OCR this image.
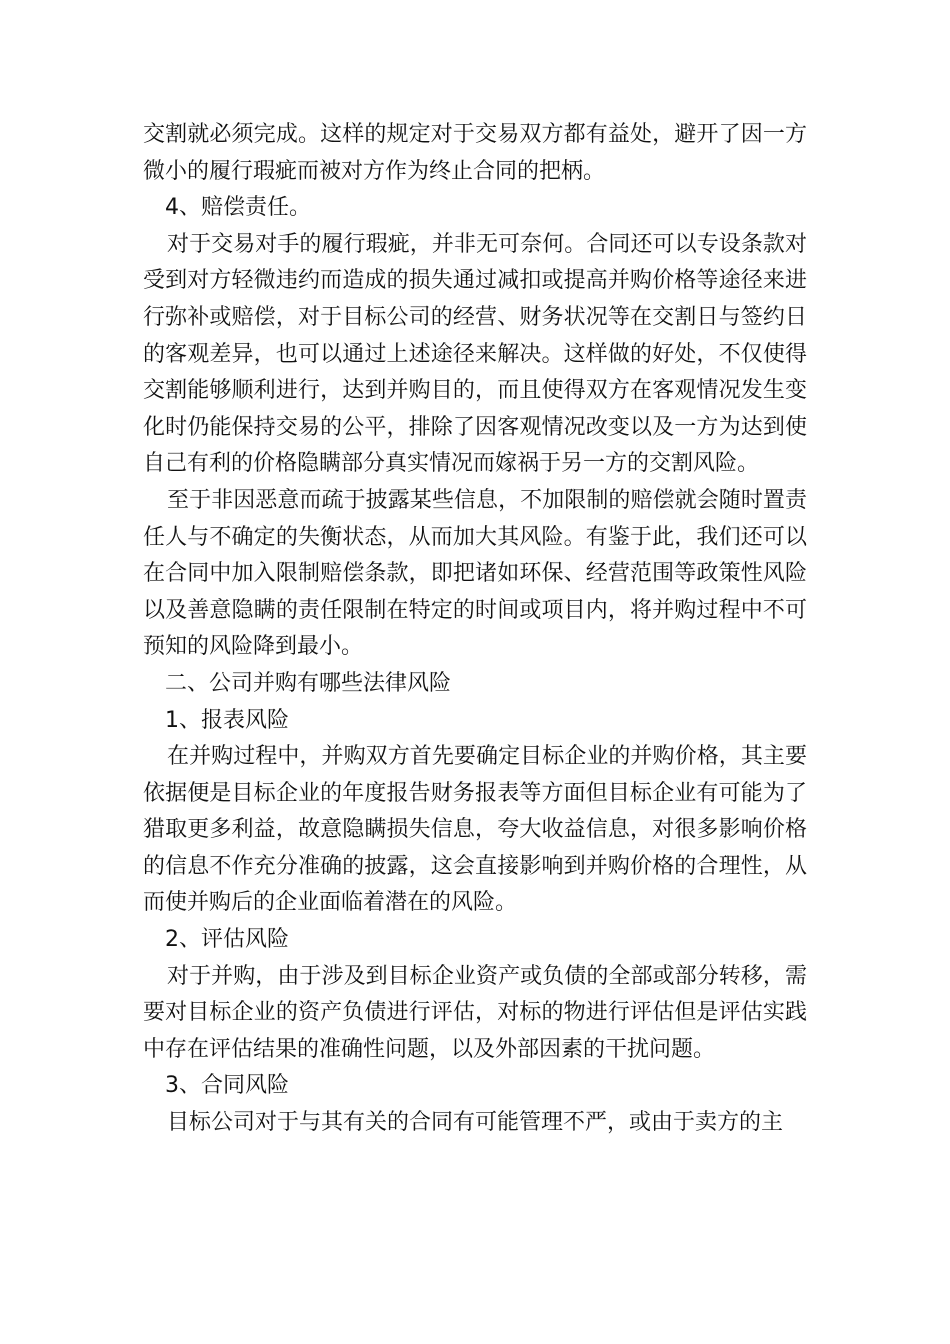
交割就必须完成。这样的规定对于交易双方都有益处，避开了因一方微小的履行瑕疵而被对方作为终止合同的把柄。

4、赔偿责任。

对于交易对手的履行瑕疵，并非无可奈何。合同还可以专设条款对受到对方轻微违约而造成的损失通过减扣或提高并购价格等途径来进行弥补或赔偿，对于目标公司的经营、财务状况等在交割日与签约日的客观差异，也可以通过上述途径来解决。这样做的好处，不仅使得交割能够顺利进行，达到并购目的，而且使得双方在客观情况发生变化时仍能保持交易的公平，排除了因客观情况改变以及一方为达到使自己有利的价格隐瞒部分真实情况而嫁祸于另一方的交割风险。

至于非因恶意而疏于披露某些信息，不加限制的赔偿就会随时置责任人与不确定的失衡状态，从而加大其风险。有鉴于此，我们还可以在合同中加入限制赔偿条款，即把诸如环保、经营范围等政策性风险以及善意隐瞒的责任限制在特定的时间或项目内，将并购过程中不可预知的风险降到最小。

二、公司并购有哪些法律风险

1、报表风险

在并购过程中，并购双方首先要确定目标企业的并购价格，其主要依据便是目标企业的年度报告财务报表等方面但目标企业有可能为了猎取更多利益，故意隐瞒损失信息，夸大收益信息，对很多影响价格的信息不作充分准确的披露，这会直接影响到并购价格的合理性，从而使并购后的企业面临着潜在的风险。

2、评估风险

对于并购，由于涉及到目标企业资产或负债的全部或部分转移，需要对目标企业的资产负债进行评估，对标的物进行评估但是评估实践中存在评估结果的准确性问题，以及外部因素的干扰问题。

3、合同风险

目标公司对于与其有关的合同有可能管理不严，或由于卖方的主
